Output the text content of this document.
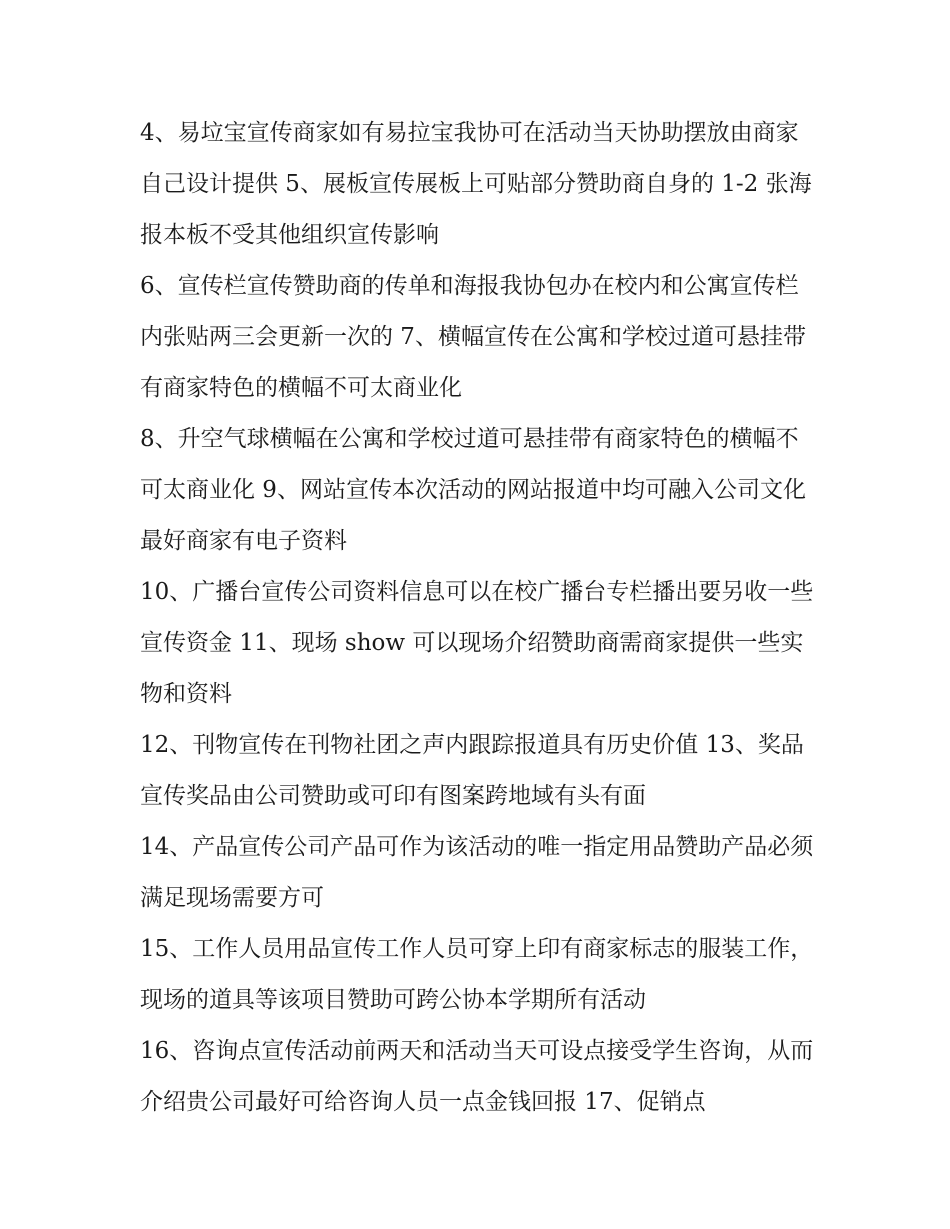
4、易垃宝宣传商家如有易拉宝我协可在活动当天协助摆放由商家自己设计提供 5、展板宣传展板上可贴部分赞助商自身的 1-2 张海报本板不受其他组织宣传影响

6、宣传栏宣传赞助商的传单和海报我协包办在校内和公寓宣传栏内张贴两三会更新一次的 7、横幅宣传在公寓和学校过道可悬挂带有商家特色的横幅不可太商业化

8、升空气球横幅在公寓和学校过道可悬挂带有商家特色的横幅不可太商业化 9、网站宣传本次活动的网站报道中均可融入公司文化最好商家有电子资料

10、广播台宣传公司资料信息可以在校广播台专栏播出要另收一些宣传资金 11、现场 show 可以现场介绍赞助商需商家提供一些实物和资料

12、刊物宣传在刊物社团之声内跟踪报道具有历史价值 13、奖品宣传奖品由公司赞助或可印有图案跨地域有头有面

14、产品宣传公司产品可作为该活动的唯一指定用品赞助产品必须满足现场需要方可

15、工作人员用品宣传工作人员可穿上印有商家标志的服装工作，现场的道具等该项目赞助可跨公协本学期所有活动

16、咨询点宣传活动前两天和活动当天可设点接受学生咨询，从而介绍贵公司最好可给咨询人员一点金钱回报 17、促销点
